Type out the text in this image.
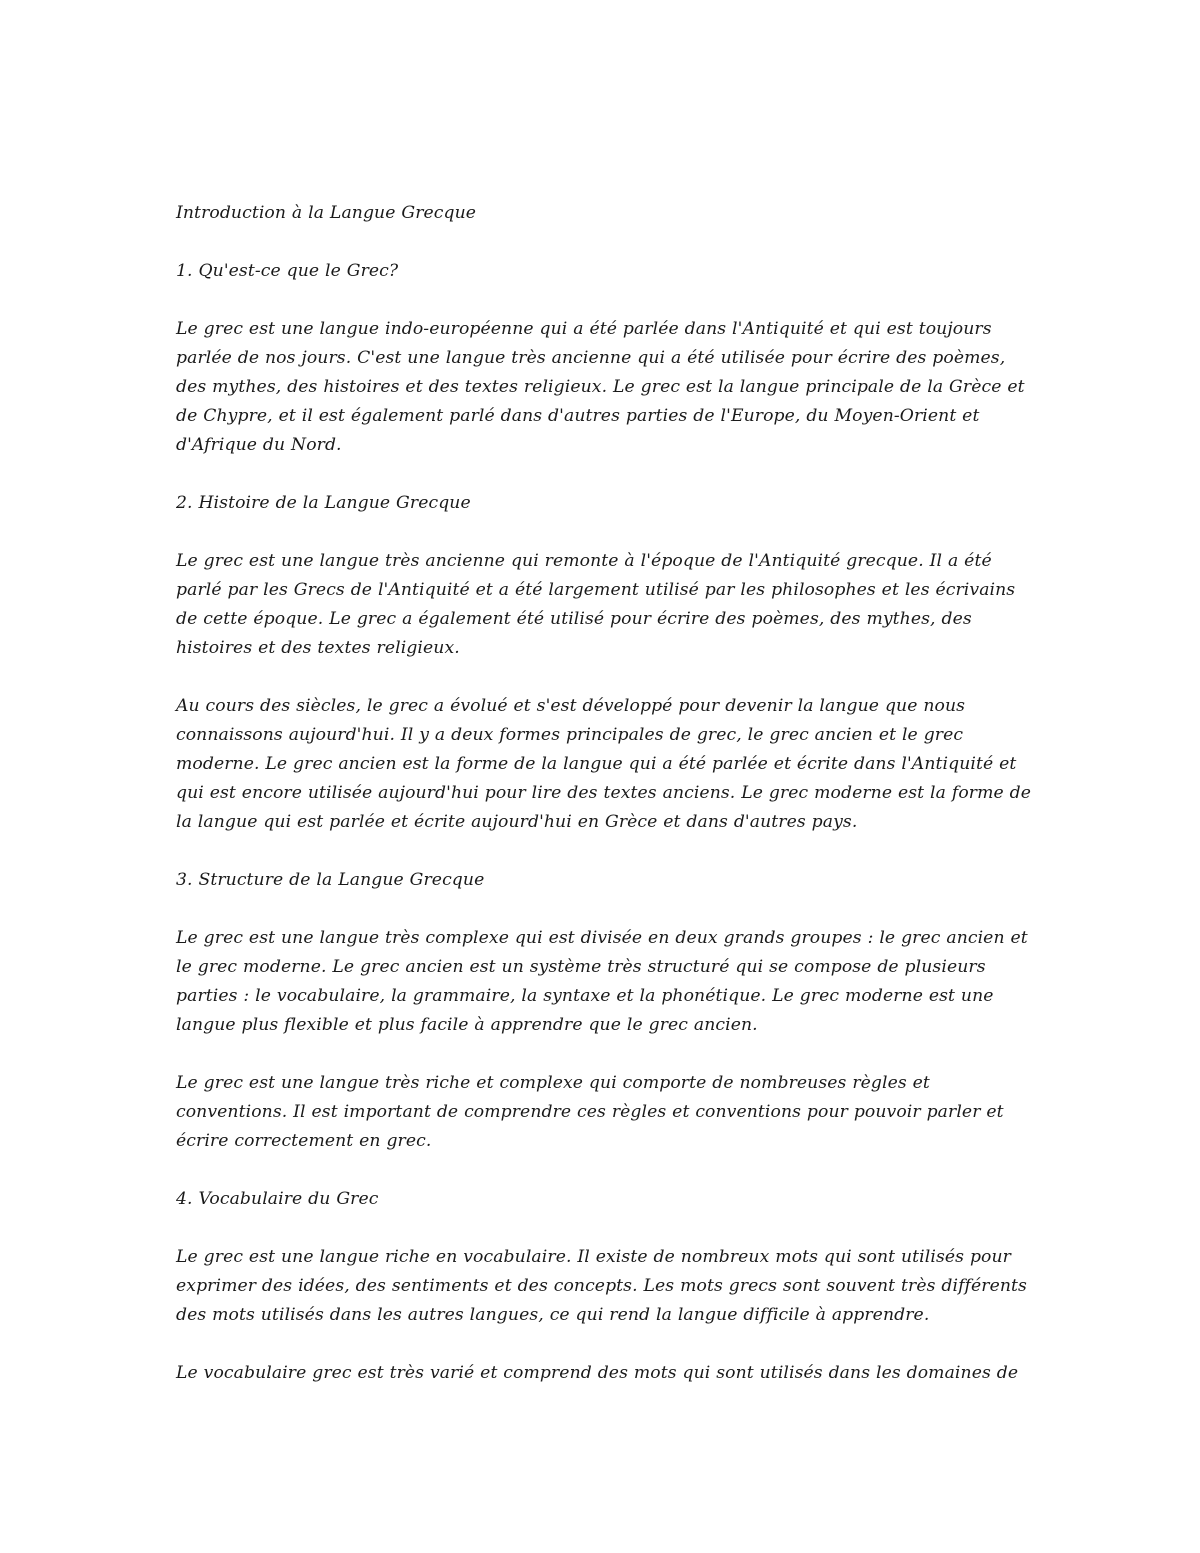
Introduction à la Langue Grecque

1. Qu'est-ce que le Grec?

Le grec est une langue indo-européenne qui a été parlée dans l'Antiquité et qui est toujours parlée de nos jours. C'est une langue très ancienne qui a été utilisée pour écrire des poèmes, des mythes, des histoires et des textes religieux. Le grec est la langue principale de la Grèce et de Chypre, et il est également parlé dans d'autres parties de l'Europe, du Moyen-Orient et d'Afrique du Nord.

2. Histoire de la Langue Grecque

Le grec est une langue très ancienne qui remonte à l'époque de l'Antiquité grecque. Il a été parlé par les Grecs de l'Antiquité et a été largement utilisé par les philosophes et les écrivains de cette époque. Le grec a également été utilisé pour écrire des poèmes, des mythes, des histoires et des textes religieux.

Au cours des siècles, le grec a évolué et s'est développé pour devenir la langue que nous connaissons aujourd'hui. Il y a deux formes principales de grec, le grec ancien et le grec moderne. Le grec ancien est la forme de la langue qui a été parlée et écrite dans l'Antiquité et qui est encore utilisée aujourd'hui pour lire des textes anciens. Le grec moderne est la forme de la langue qui est parlée et écrite aujourd'hui en Grèce et dans d'autres pays.

3. Structure de la Langue Grecque

Le grec est une langue très complexe qui est divisée en deux grands groupes : le grec ancien et le grec moderne. Le grec ancien est un système très structuré qui se compose de plusieurs parties : le vocabulaire, la grammaire, la syntaxe et la phonétique. Le grec moderne est une langue plus flexible et plus facile à apprendre que le grec ancien.

Le grec est une langue très riche et complexe qui comporte de nombreuses règles et conventions. Il est important de comprendre ces règles et conventions pour pouvoir parler et écrire correctement en grec.

4. Vocabulaire du Grec

Le grec est une langue riche en vocabulaire. Il existe de nombreux mots qui sont utilisés pour exprimer des idées, des sentiments et des concepts. Les mots grecs sont souvent très différents des mots utilisés dans les autres langues, ce qui rend la langue difficile à apprendre.

Le vocabulaire grec est très varié et comprend des mots qui sont utilisés dans les domaines de
